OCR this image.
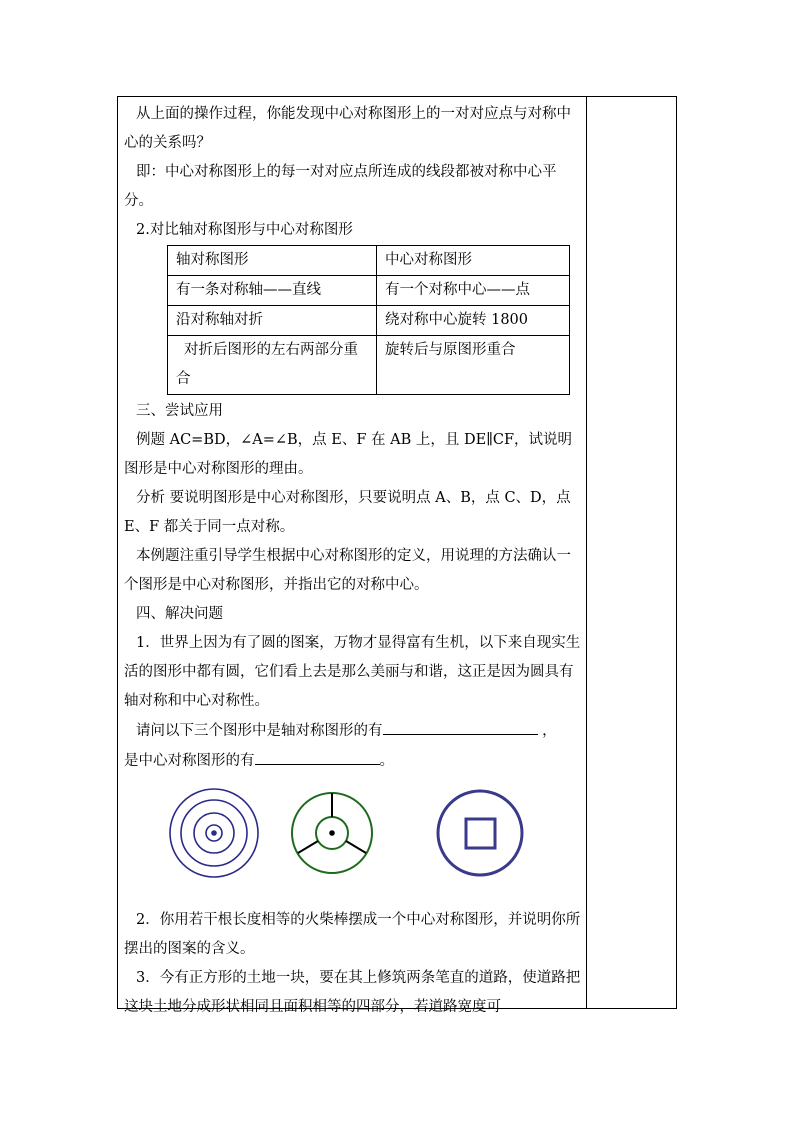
从上面的操作过程，你能发现中心对称图形上的一对对应点与对称中心的关系吗？

即：中心对称图形上的每一对对应点所连成的线段都被对称中心平分。

2.对比轴对称图形与中心对称图形

轴对称图形	中心对称图形
有一条对称轴——直线	有一个对称中心——点
沿对称轴对折	绕对称中心旋转 1800
对折后图形的左右两部分重合	旋转后与原图形重合

三、尝试应用

例题 AC=BD，∠A=∠B，点 E、F 在 AB 上，且 DE∥CF，试说明图形是中心对称图形的理由。

分析 要说明图形是中心对称图形，只要说明点 A、B，点 C、D，点 E、F 都关于同一点对称。

本例题注重引导学生根据中心对称图形的定义，用说理的方法确认一个图形是中心对称图形，并指出它的对称中心。

四、解决问题

1．世界上因为有了圆的图案，万物才显得富有生机，以下来自现实生活的图形中都有圆，它们看上去是那么美丽与和谐，这正是因为圆具有轴对称和中心对称性。

请问以下三个图形中是轴对称图形的有	，

是中心对称图形的有	。

2．你用若干根长度相等的火柴棒摆成一个中心对称图形，并说明你所摆出的图案的含义。

3．今有正方形的土地一块，要在其上修筑两条笔直的道路，使道路把这块土地分成形状相同且面积相等的四部分，若道路宽度可
